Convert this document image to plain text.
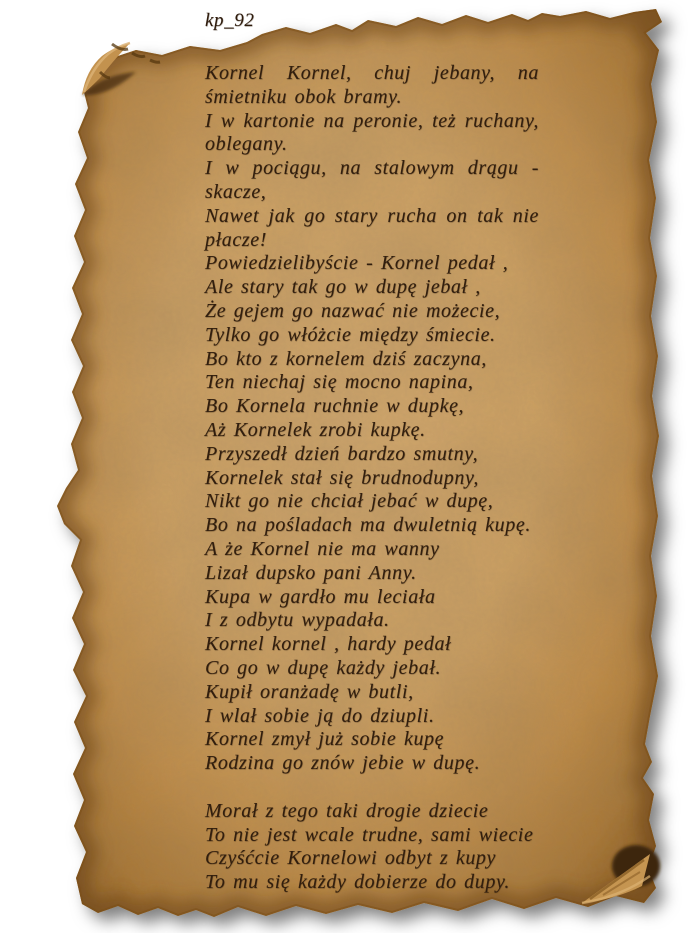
kp_92
Kornel Kornel, chuj jebany, na
śmietniku obok bramy.
I w kartonie na peronie, też ruchany,
oblegany.
I w pociągu, na stalowym drągu -
skacze,
Nawet jak go stary rucha on tak nie
płacze!
Powiedzielibyście - Kornel pedał ,
Ale stary tak go w dupę jebał ,
Że gejem go nazwać nie możecie,
Tylko go włóżcie między śmiecie.
Bo kto z kornelem dziś zaczyna,
Ten niechaj się mocno napina,
Bo Kornela ruchnie w dupkę,
Aż Kornelek zrobi kupkę.
Przyszedł dzień bardzo smutny,
Kornelek stał się brudnodupny,
Nikt go nie chciał jebać w dupę,
Bo na pośladach ma dwuletnią kupę.
A że Kornel nie ma wanny
Lizał dupsko pani Anny.
Kupa w gardło mu leciała
I z odbytu wypadała.
Kornel kornel , hardy pedał
Co go w dupę każdy jebał.
Kupił oranżadę w butli,
I wlał sobie ją do dziupli.
Kornel zmył już sobie kupę
Rodzina go znów jebie w dupę.
Morał z tego taki drogie dziecie
To nie jest wcale trudne, sami wiecie
Czyśćcie Kornelowi odbyt z kupy
To mu się każdy dobierze do dupy.
